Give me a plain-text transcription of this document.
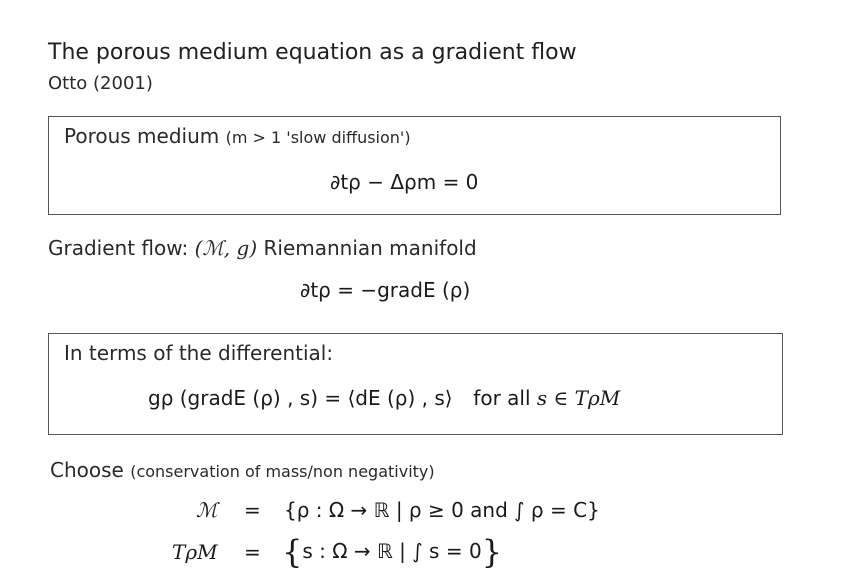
The porous medium equation as a gradient flow
Otto (2001)
Porous medium (m > 1 'slow diffusion')
∂tρ − Δρm = 0
Gradient flow: (ℳ, g) Riemannian manifold
∂tρ = −gradE (ρ)
In terms of the differential:
gρ (gradE (ρ) , s) = ⟨dE (ρ) , s⟩ for all s ∈ TρM
Choose (conservation of mass/non negativity)
ℳ = {ρ : Ω → ℝ | ρ ≥ 0 and ∫ ρ = C}
TρM = {s : Ω → ℝ | ∫ s = 0}
